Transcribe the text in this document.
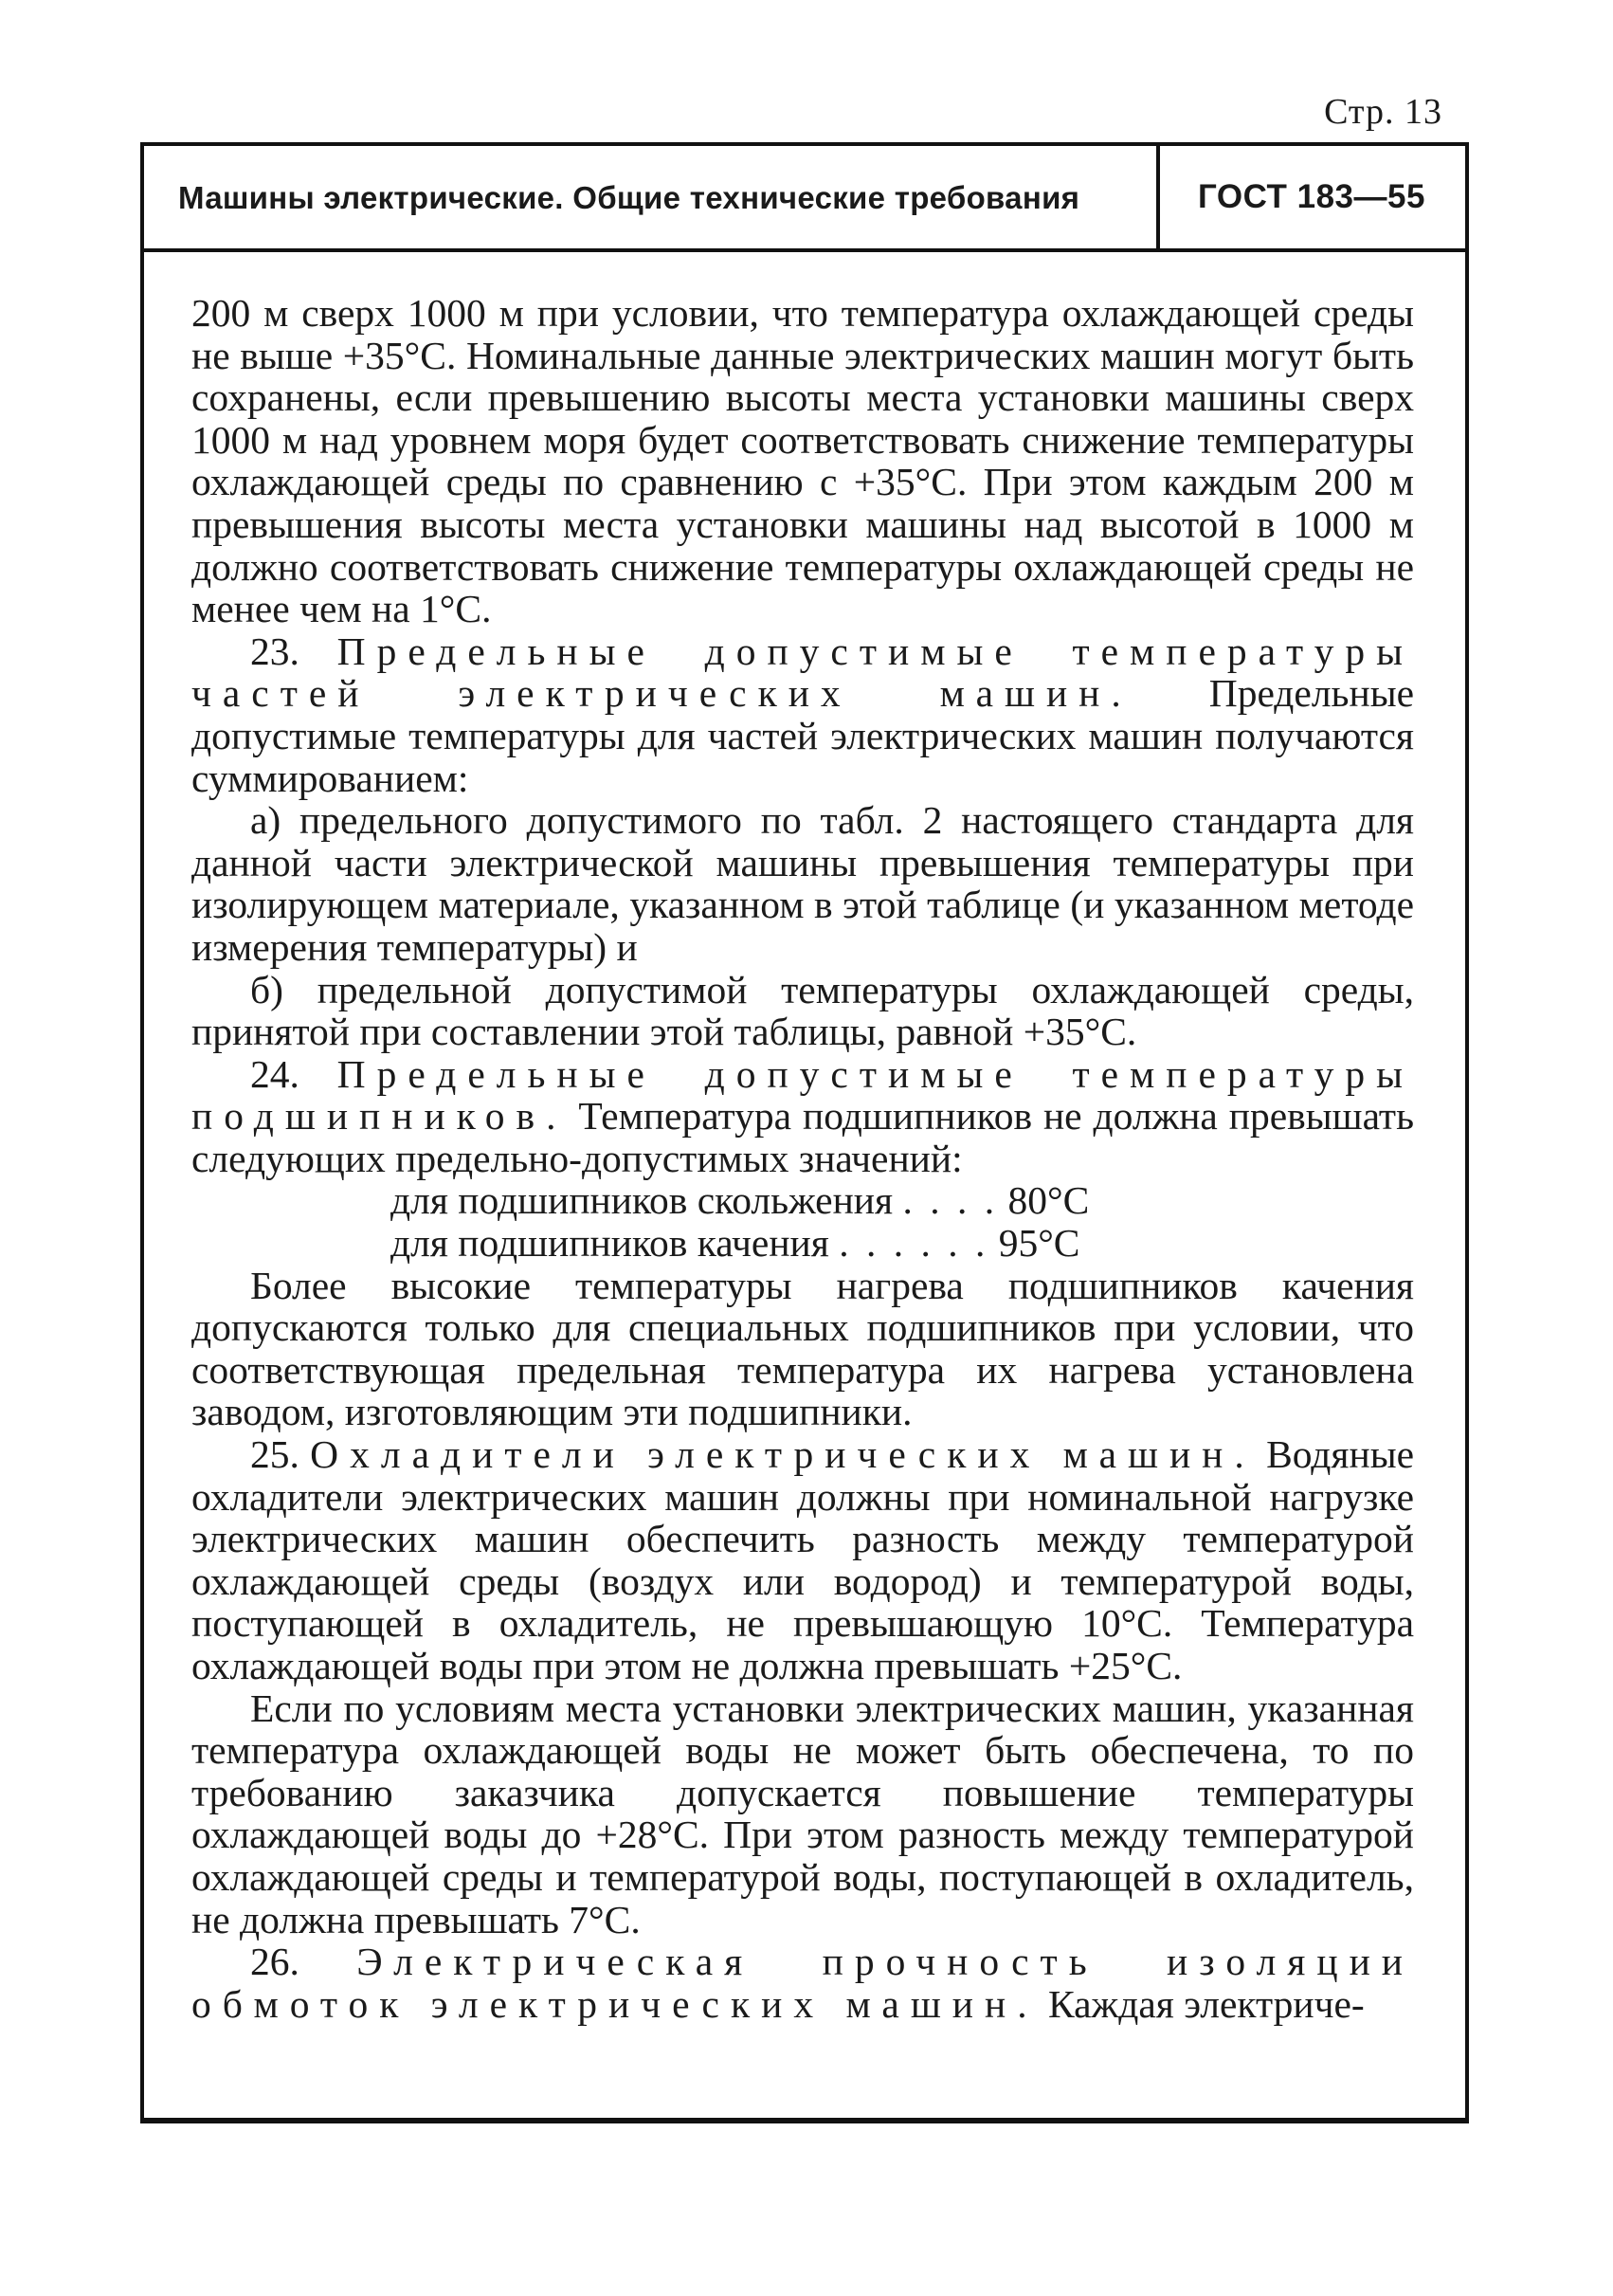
Стр. 13
Машины электрические. Общие технические требования	ГОСТ 183—55

200 м сверх 1000 м при условии, что температура охлаждающей среды не выше +35°С. Номинальные данные электрических машин могут быть сохранены, если превышению высоты места установки машины сверх 1000 м над уровнем моря будет соответствовать снижение температуры охлаждающей среды по сравнению с +35°С. При этом каждым 200 м превышения высоты места установки машины над высотой в 1000 м должно соответствовать снижение температуры охлаждающей среды не менее чем на 1°С.

23. Предельные допустимые температуры частей электрических машин. Предельные допустимые температуры для частей электрических машин получаются суммированием:

а) предельного допустимого по табл. 2 настоящего стандарта для данной части электрической машины превышения температуры при изолирующем материале, указанном в этой таблице (и указанном методе измерения температуры) и

б) предельной допустимой температуры охлаждающей среды, принятой при составлении этой таблицы, равной +35°С.

24. Предельные допустимые температуры подшипников. Температура подшипников не должна превышать следующих предельно-допустимых значений:

для подшипников скольжения . . . . 80°С

для подшипников качения . . . . . . 95°С

Более высокие температуры нагрева подшипников качения допускаются только для специальных подшипников при условии, что соответствующая предельная температура их нагрева установлена заводом, изготовляющим эти подшипники.

25. Охладители электрических машин. Водяные охладители электрических машин должны при номинальной нагрузке электрических машин обеспечить разность между температурой охлаждающей среды (воздух или водород) и температурой воды, поступающей в охладитель, не превышающую 10°С. Температура охлаждающей воды при этом не должна превышать +25°С.

Если по условиям места установки электрических машин, указанная температура охлаждающей воды не может быть обеспечена, то по требованию заказчика допускается повышение температуры охлаждающей воды до +28°С. При этом разность между температурой охлаждающей среды и температурой воды, поступающей в охладитель, не должна превышать 7°С.

26. Электрическая прочность изоляции обмоток электрических машин. Каждая электриче-
